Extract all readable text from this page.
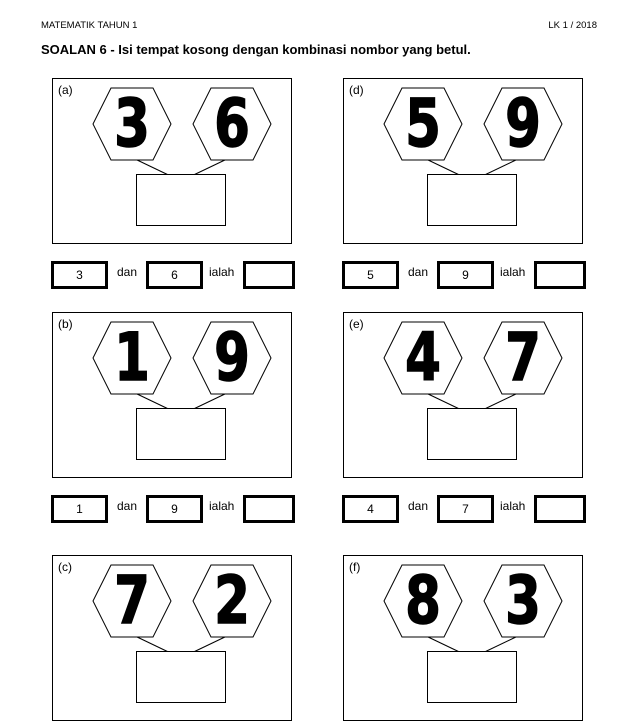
MATEMATIK TAHUN 1	LK 1 / 2018
SOALAN 6 - Isi tempat kosong dengan kombinasi nombor yang betul.
(a) 3 6
3	dan	6	ialah
(d) 5 9
5	dan	9	ialah
(b) 1 9
1	dan	9	ialah
(e) 4 7
4	dan	7	ialah
(c) 7 2	(f) 8 3
